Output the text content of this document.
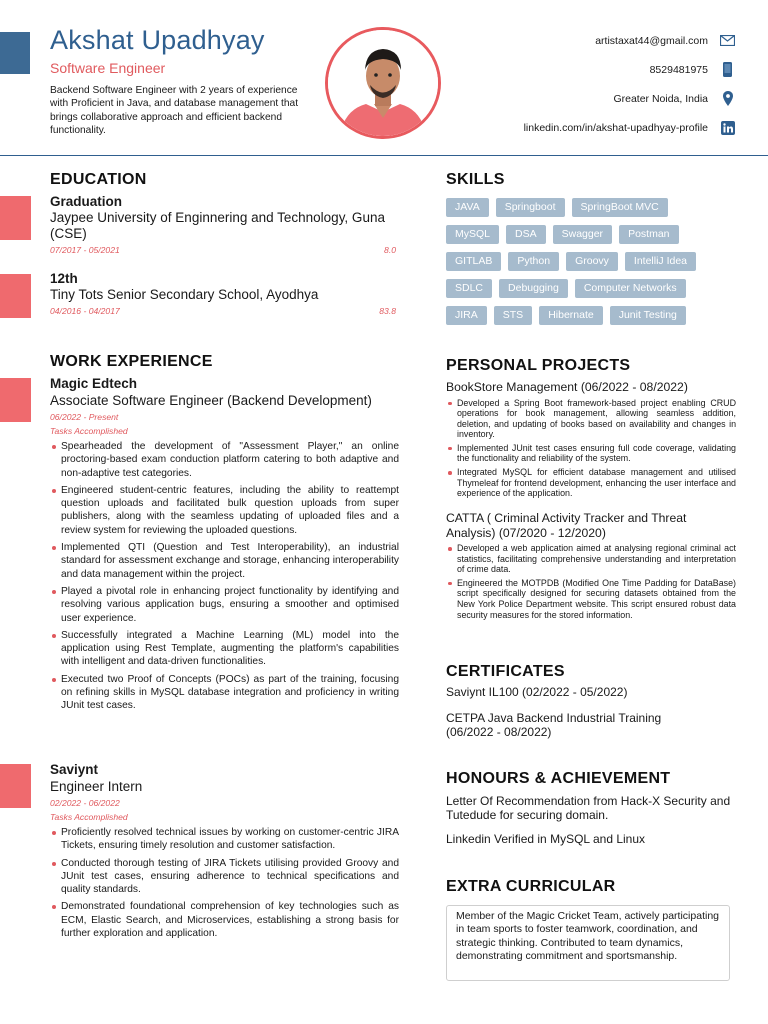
Akshat Upadhyay
Software Engineer
Backend Software Engineer with 2 years of experience with Proficient in Java, and database management that brings collaborative approach and efficient backend functionality.
artistaxat44@gmail.com
8529481975
Greater Noida, India
linkedin.com/in/akshat-upadhyay-profile
EDUCATION
Graduation
Jaypee University of Enginnering and Technology, Guna (CSE)
07/2017 - 05/2021	8.0
12th
Tiny Tots Senior Secondary School, Ayodhya
04/2016 - 04/2017	83.8
WORK EXPERIENCE
Magic Edtech
Associate Software Engineer (Backend Development)
06/2022 - Present
Tasks Accomplished
Spearheaded the development of "Assessment Player," an online proctoring-based exam conduction platform catering to both adaptive and non-adaptive test categories.
Engineered student-centric features, including the ability to reattempt question uploads and facilitated bulk question uploads from super publishers, along with the seamless updating of uploaded files and a review system for reviewing the uploaded questions.
Implemented QTI (Question and Test Interoperability), an industrial standard for assessment exchange and storage, enhancing interoperability and data management within the project.
Played a pivotal role in enhancing project functionality by identifying and resolving various application bugs, ensuring a smoother and optimised user experience.
Successfully integrated a Machine Learning (ML) model into the application using Rest Template, augmenting the platform's capabilities with intelligent and data-driven functionalities.
Executed two Proof of Concepts (POCs) as part of the training, focusing on refining skills in MySQL database integration and proficiency in writing JUnit test cases.
Saviynt
Engineer Intern
02/2022 - 06/2022
Tasks Accomplished
Proficiently resolved technical issues by working on customer-centric JIRA Tickets, ensuring timely resolution and customer satisfaction.
Conducted thorough testing of JIRA Tickets utilising provided Groovy and JUnit test cases, ensuring adherence to technical specifications and quality standards.
Demonstrated foundational comprehension of key technologies such as ECM, Elastic Search, and Microservices, establishing a strong basis for further exploration and application.
SKILLS
JAVA	Springboot	SpringBoot MVC
MySQL	DSA	Swagger	Postman
GITLAB	Python	Groovy	IntelliJ Idea
SDLC	Debugging	Computer Networks
JIRA	STS	Hibernate	Junit Testing
PERSONAL PROJECTS
BookStore Management (06/2022 - 08/2022)
Developed a Spring Boot framework-based project enabling CRUD operations for book management, allowing seamless addition, deletion, and updating of books based on availability and changes in inventory.
Implemented JUnit test cases ensuring full code coverage, validating the functionality and reliability of the system.
Integrated MySQL for efficient database management and utilised Thymeleaf for frontend development, enhancing the user interface and experience of the application.
CATTA ( Criminal Activity Tracker and Threat Analysis) (07/2020 - 12/2020)
Developed a web application aimed at analysing regional criminal act statistics, facilitating comprehensive understanding and interpretation of crime data.
Engineered the MOTPDB (Modified One Time Padding for DataBase) script specifically designed for securing datasets obtained from the New York Police Department website. This script ensured robust data security measures for the stored information.
CERTIFICATES
Saviynt IL100 (02/2022 - 05/2022)
CETPA Java Backend Industrial Training
(06/2022 - 08/2022)
HONOURS & ACHIEVEMENT
Letter Of Recommendation from Hack-X Security and Tutedude for securing domain.
Linkedin Verified in MySQL and Linux
EXTRA CURRICULAR
Member of the Magic Cricket Team, actively participating in team sports to foster teamwork, coordination, and strategic thinking. Contributed to team dynamics, demonstrating commitment and sportsmanship.
